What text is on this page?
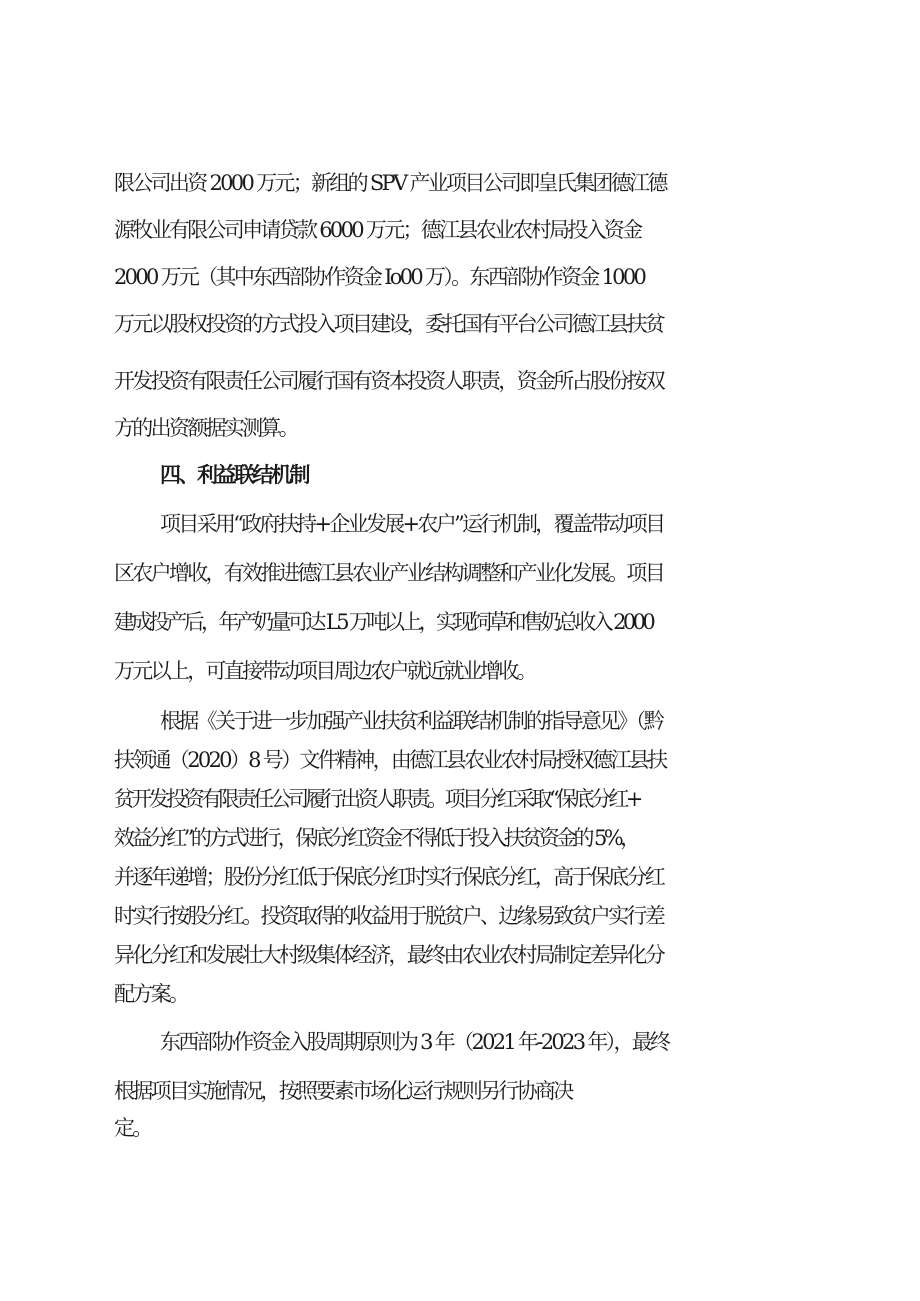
限公司出资 2000 万元；新组的 SPV 产业项目公司即皇氏集团德江德
源牧业有限公司申请贷款 6000 万元；德江县农业农村局投入资金
2000 万元（其中东西部协作资金 Io00 万）。东西部协作资金 1000
万元以股权投资的方式投入项目建设，委托国有平台公司德江县扶贫
开发投资有限责任公司履行国有资本投资人职责，资金所占股份按双
方的出资额据实测算。
四、利益联结机制
项目采用“政府扶持+企业发展+农户”运行机制，覆盖带动项目
区农户增收，有效推进德江县农业产业结构调整和产业化发展。项目
建成投产后，年产奶量可达 L5 万吨以上，实现饲草和售奶总收入 2000
万元以上，可直接带动项目周边农户就近就业增收。
根据《关于进一步加强产业扶贫利益联结机制的指导意见》（黔
扶领通（2020）8 号）文件精神，由德江县农业农村局授权德江县扶
贫开发投资有限责任公司履行出资人职责。项目分红采取“保底分红+
效益分红”的方式进行，保底分红资金不得低于投入扶贫资金的 5%，
并逐年递增；股份分红低于保底分红时实行保底分红，高于保底分红
时实行按股分红。投资取得的收益用于脱贫户、边缘易致贫户实行差
异化分红和发展壮大村级集体经济，最终由农业农村局制定差异化分
配方案。
东西部协作资金入股周期原则为 3 年（2021 年-2023 年），最终
根据项目实施情况，按照要素市场化运行规则另行协商决
定。
